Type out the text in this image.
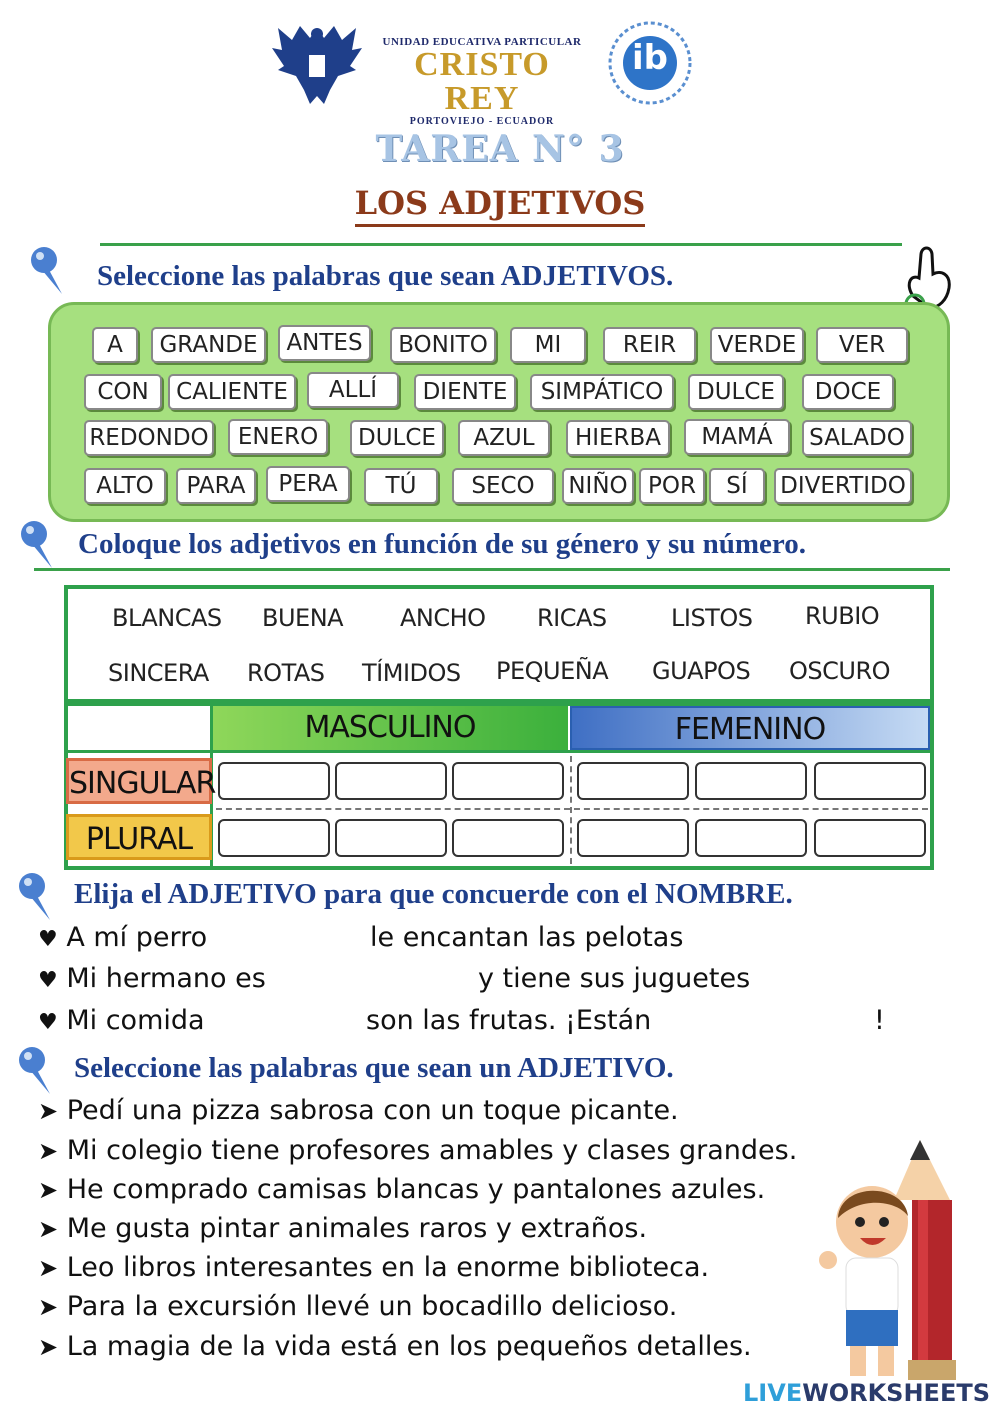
UNIDAD EDUCATIVA PARTICULAR
CRISTO REY
PORTOVIEJO - ECUADOR
ib
TAREA N° 3
LOS ADJETIVOS
Seleccione las palabras que sean ADJETIVOS.
A	GRANDE	ANTES	BONITO	MI	REIR	VERDE	VER
CON	CALIENTE	ALLÍ	DIENTE	SIMPÁTICO	DULCE	DOCE
REDONDO	ENERO	DULCE	AZUL	HIERBA	MAMÁ	SALADO
ALTO	PARA	PERA	TÚ	SECO	NIÑO POR	SÍ	DIVERTIDO
Coloque los adjetivos en función de su género y su número.
BLANCAS BUENA ANCHO RICAS	LISTOS RUBIO
SINCERA ROTAS TÍMIDOS PEQUEÑA GUAPOS OSCURO
MASCULINO	FEMENINO
SINGULAR
PLURAL
Elija el ADJETIVO para que concuerde con el NOMBRE.
♥ A mí perro	le encantan las pelotas
♥ Mi hermano es	y tiene sus juguetes
♥ Mi comida	son las frutas. ¡Están	!
Seleccione las palabras que sean un ADJETIVO.
➤ Pedí una pizza sabrosa con un toque picante.
➤ Mi colegio tiene profesores amables y clases grandes.
➤ He comprado camisas blancas y pantalones azules.
➤ Me gusta pintar animales raros y extraños.
➤ Leo libros interesantes en la enorme biblioteca.
➤ Para la excursión llevé un bocadillo delicioso.
➤ La magia de la vida está en los pequeños detalles.
LIVEWORKSHEETS
